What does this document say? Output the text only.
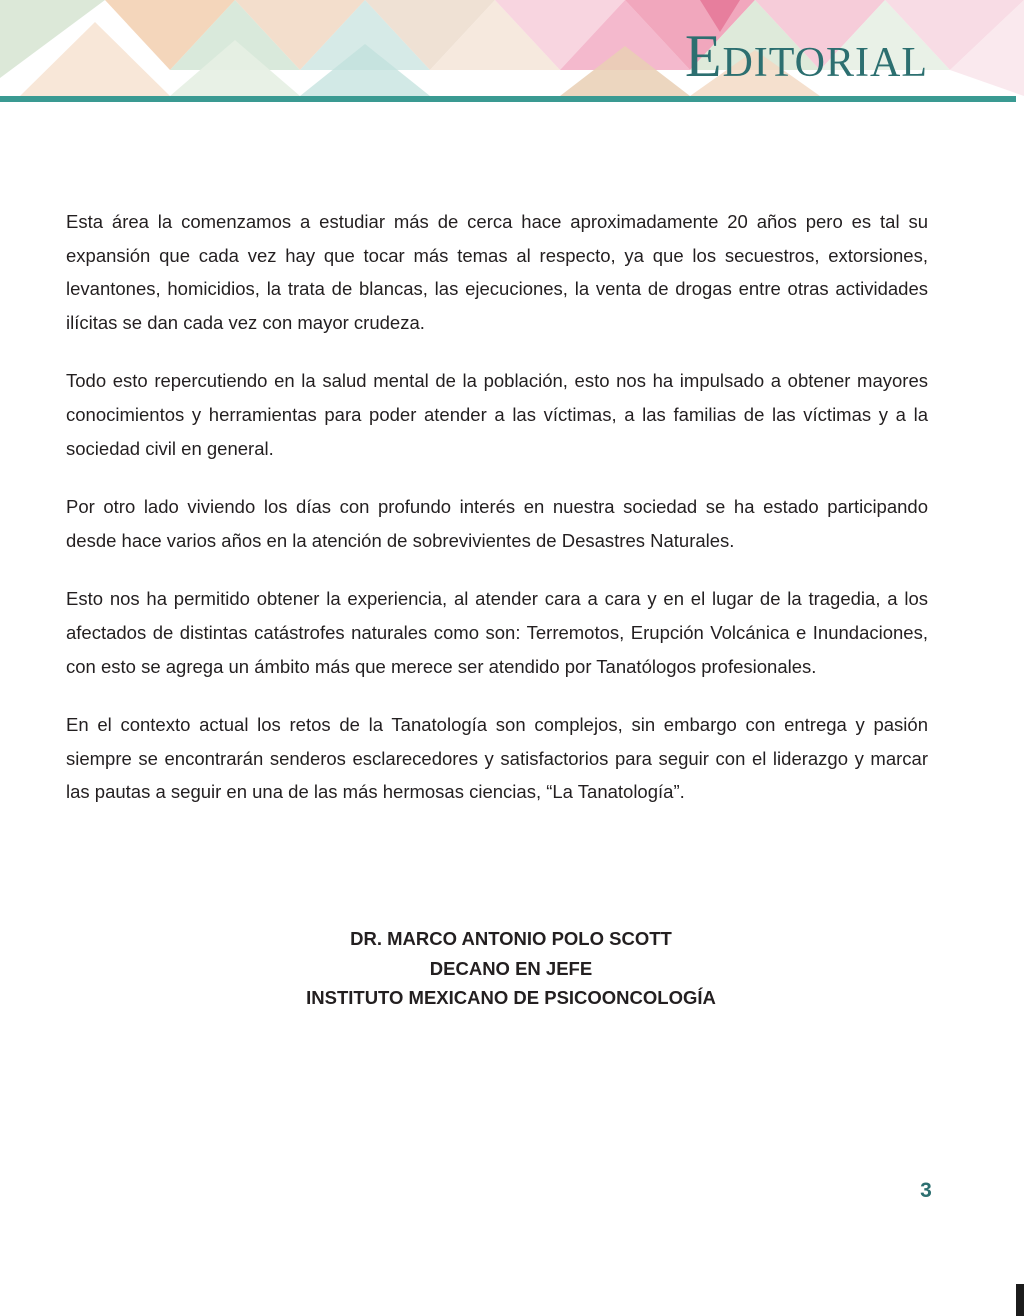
Editorial

Esta área la comenzamos a estudiar más de cerca hace aproximadamente 20 años pero es tal su expansión que cada vez hay que tocar más temas al respecto, ya que los secuestros, extorsiones, levantones, homicidios, la trata de blancas, las ejecuciones, la venta de drogas entre otras actividades ilícitas se dan cada vez con mayor crudeza.

Todo esto repercutiendo en la salud mental de la población, esto nos ha impulsado a obtener mayores conocimientos y herramientas para poder atender a las víctimas, a las familias de las víctimas y a la sociedad civil en general.

Por otro lado viviendo los días con profundo interés en nuestra sociedad se ha estado participando desde hace varios años en la atención de sobrevivientes de Desastres Naturales.

Esto nos ha permitido obtener la experiencia, al atender cara a cara y en el lugar de la tragedia, a los afectados de distintas catástrofes naturales como son: Terremotos, Erupción Volcánica e Inundaciones, con esto se agrega un ámbito más que merece ser atendido por Tanatólogos profesionales.

En el contexto actual los retos de la Tanatología son complejos, sin embargo con entrega y pasión siempre se encontrarán senderos esclarecedores y satisfactorios para seguir con el liderazgo y marcar las pautas a seguir en una de las más hermosas ciencias, “La Tanatología”.

DR. MARCO ANTONIO POLO SCOTT
DECANO EN JEFE
INSTITUTO MEXICANO DE PSICOONCOLOGÍA
3
